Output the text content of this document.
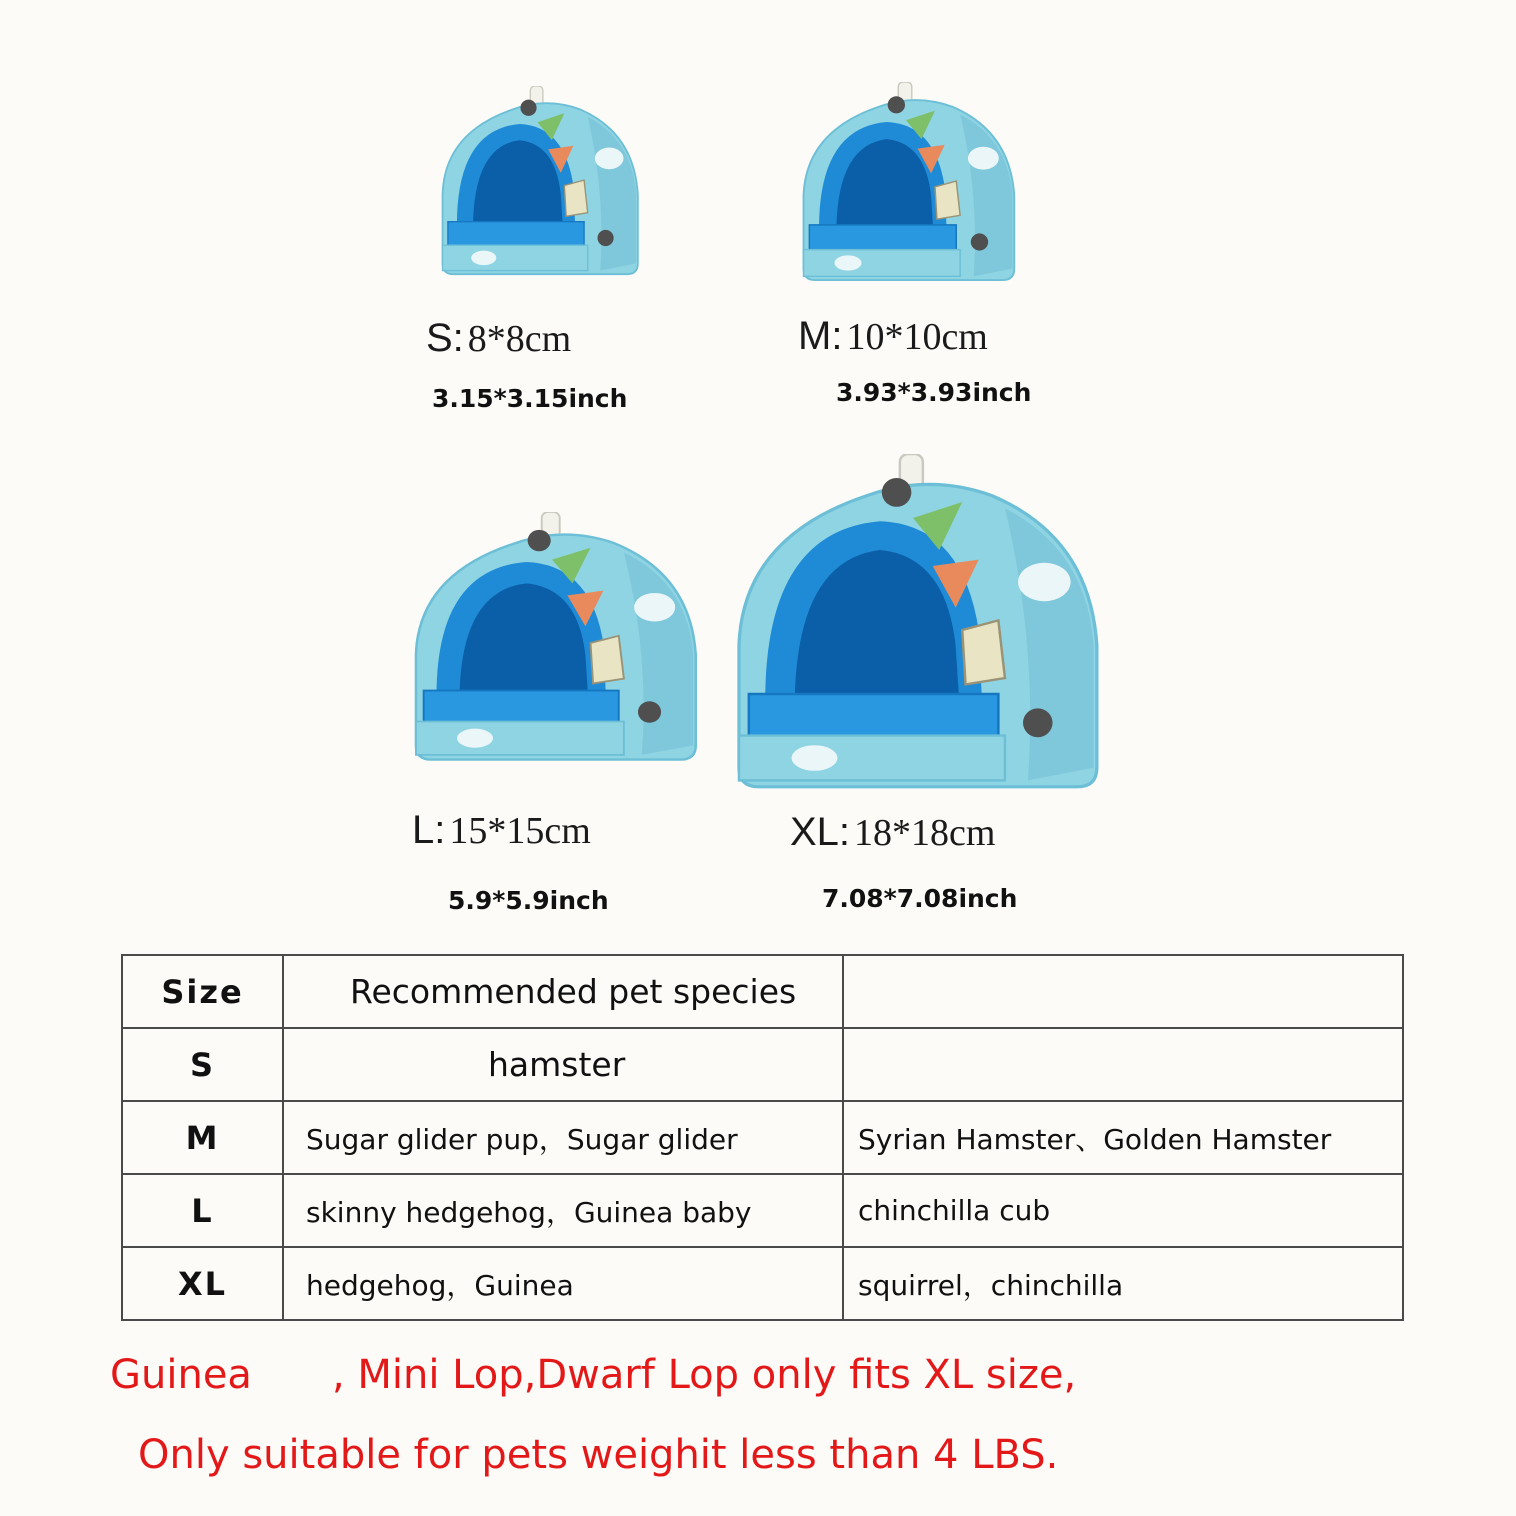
S: 8*8cm
3.15*3.15inch
M: 10*10cm
3.93*3.93inch
L: 15*15cm
5.9*5.9inch
XL: 18*18cm
7.08*7.08inch
Size	Recommended pet species	
S	hamster	
M	Sugar glider pup，Sugar glider	Syrian Hamster、Golden Hamster
L	skinny hedgehog，Guinea baby	chinchilla cub
XL	hedgehog，Guinea	squirrel，chinchilla
Guinea , Mini Lop,Dwarf Lop only fits XL size,
Only suitable for pets weighit less than 4 LBS.
